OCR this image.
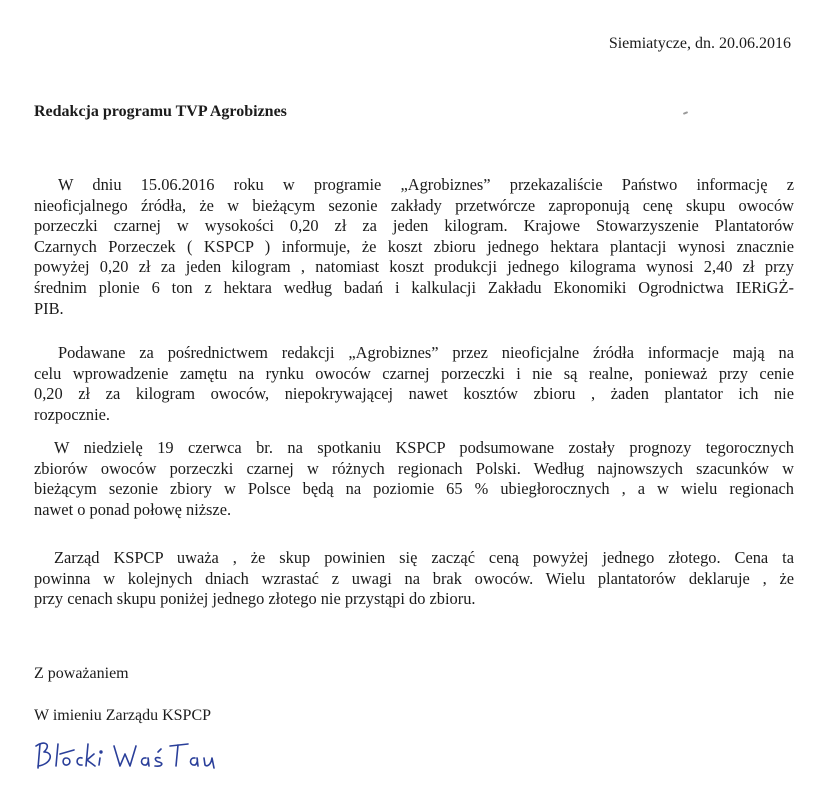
Siemiatycze, dn. 20.06.2016
Redakcja programu TVP Agrobiznes
W dniu 15.06.2016 roku w programie „Agrobiznes” przekazaliście Państwo informację z
nieoficjalnego źródła, że w bieżącym sezonie zakłady przetwórcze zaproponują cenę skupu owoców
porzeczki czarnej w wysokości 0,20 zł za jeden kilogram. Krajowe Stowarzyszenie Plantatorów
Czarnych Porzeczek ( KSPCP ) informuje, że koszt zbioru jednego hektara plantacji wynosi znacznie
powyżej 0,20 zł za jeden kilogram , natomiast koszt produkcji jednego kilograma wynosi 2,40 zł przy
średnim plonie 6 ton z hektara według badań i kalkulacji Zakładu Ekonomiki Ogrodnictwa IERiGŻ-
PIB.
Podawane za pośrednictwem redakcji „Agrobiznes” przez nieoficjalne źródła informacje mają na
celu wprowadzenie zamętu na rynku owoców czarnej porzeczki i nie są realne, ponieważ przy cenie
0,20 zł za kilogram owoców, niepokrywającej nawet kosztów zbioru , żaden plantator ich nie
rozpocznie.
W niedzielę 19 czerwca br. na spotkaniu KSPCP podsumowane zostały prognozy tegorocznych
zbiorów owoców porzeczki czarnej w różnych regionach Polski. Według najnowszych szacunków w
bieżącym sezonie zbiory w Polsce będą na poziomie 65 % ubiegłorocznych , a w wielu regionach
nawet o ponad połowę niższe.
Zarząd KSPCP uważa , że skup powinien się zacząć ceną powyżej jednego złotego. Cena ta
powinna w kolejnych dniach wzrastać z uwagi na brak owoców. Wielu plantatorów deklaruje , że
przy cenach skupu poniżej jednego złotego nie przystąpi do zbioru.
Z poważaniem
W imieniu Zarządu KSPCP
